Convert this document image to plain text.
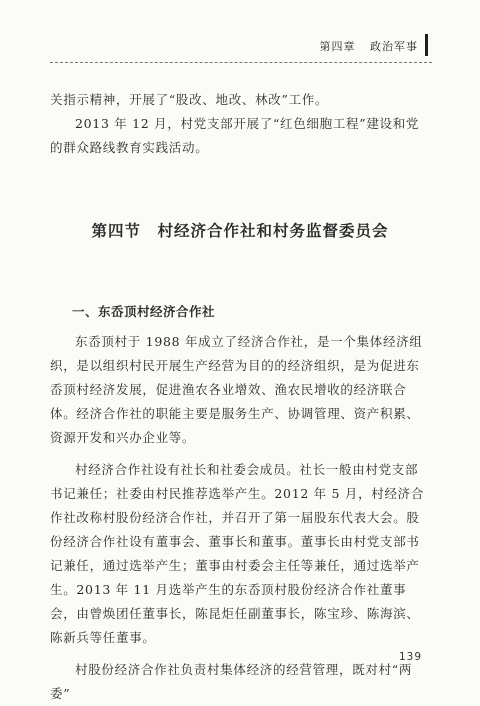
第四章 政治军事

关指示精神，开展了“股改、地改、林改”工作。

2013 年 12 月，村党支部开展了“红色细胞工程”建设和党的群众路线教育实践活动。

第四节　村经济合作社和村务监督委员会
一、东岙顶村经济合作社

东岙顶村于 1988 年成立了经济合作社，是一个集体经济组织，是以组织村民开展生产经营为目的的经济组织，是为促进东岙顶村经济发展，促进渔农各业增效、渔农民增收的经济联合体。经济合作社的职能主要是服务生产、协调管理、资产积累、资源开发和兴办企业等。

村经济合作社设有社长和社委会成员。社长一般由村党支部书记兼任；社委由村民推荐选举产生。2012 年 5 月，村经济合作社改称村股份经济合作社，并召开了第一届股东代表大会。股份经济合作社设有董事会、董事长和董事。董事长由村党支部书记兼任，通过选举产生；董事由村委会主任等兼任，通过选举产生。2013 年 11 月选举产生的东岙顶村股份经济合作社董事会，由曾焕团任董事长，陈昆炬任副董事长，陈宝珍、陈海滨、陈新兵等任董事。

村股份经济合作社负责村集体经济的经营管理，既对村“两委”

139
